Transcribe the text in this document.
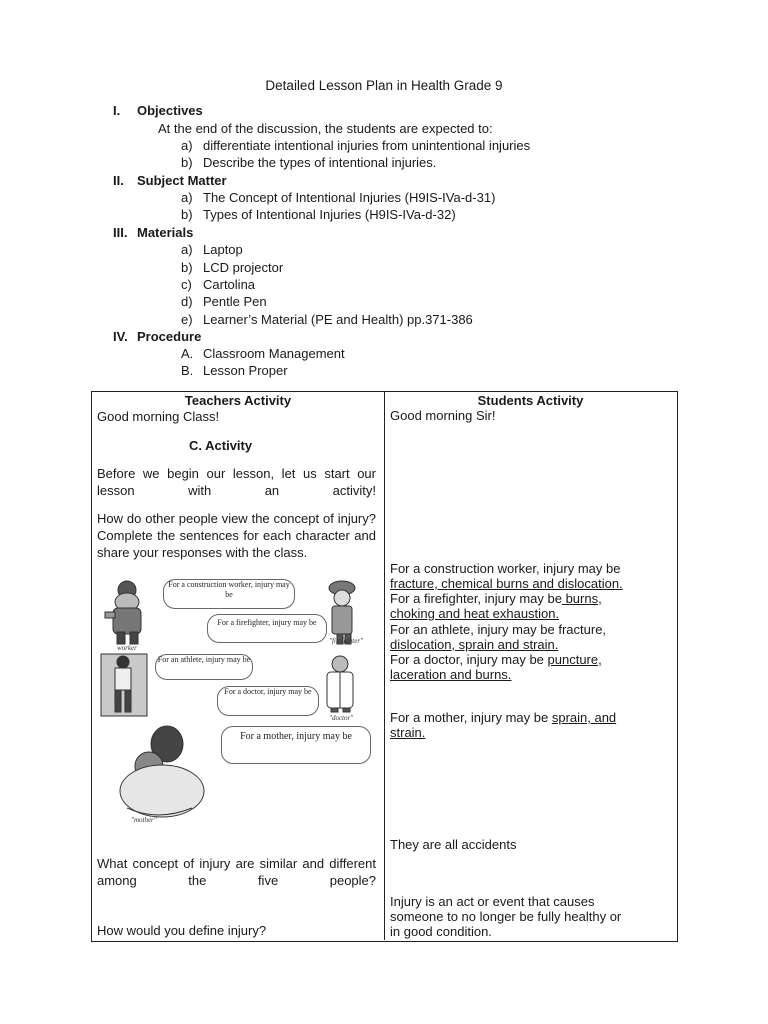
Detailed Lesson Plan in Health Grade 9
I. Objectives
At the end of the discussion, the students are expected to:
a) differentiate intentional injuries from unintentional injuries
b) Describe the types of intentional injuries.
II. Subject Matter
a) The Concept of Intentional Injuries (H9IS-IVa-d-31)
b) Types of Intentional Injuries (H9IS-IVa-d-32)
III. Materials
a) Laptop
b) LCD projector
c) Cartolina
d) Pentle Pen
e) Learner’s Material (PE and Health) pp.371-386
IV. Procedure
A. Classroom Management
B. Lesson Proper
Teachers Activity	Students Activity
Good morning Class!
C. Activity
Before we begin our lesson, let us start our lesson with an activity!
How do other people view the concept of injury? Complete the sentences for each character and share your responses with the class.
What concept of injury are similar and different among the five people?
How would you define injury?
For a construction worker, injury may be
For a firefighter, injury may be
For an athlete, injury may be
For a doctor, injury may be
For a mother, injury may be
worker
"firefighter"
"doctor"
"mother"
Good morning Sir!
For a construction worker, injury may be
fracture, chemical burns and dislocation.
For a firefighter, injury may be burns,
choking and heat exhaustion.
For an athlete, injury may be fracture,
dislocation, sprain and strain.
For a doctor, injury may be puncture,
laceration and burns.
For a mother, injury may be sprain, and
strain.
They are all accidents
Injury is an act or event that causes
someone to no longer be fully healthy or
in good condition.
